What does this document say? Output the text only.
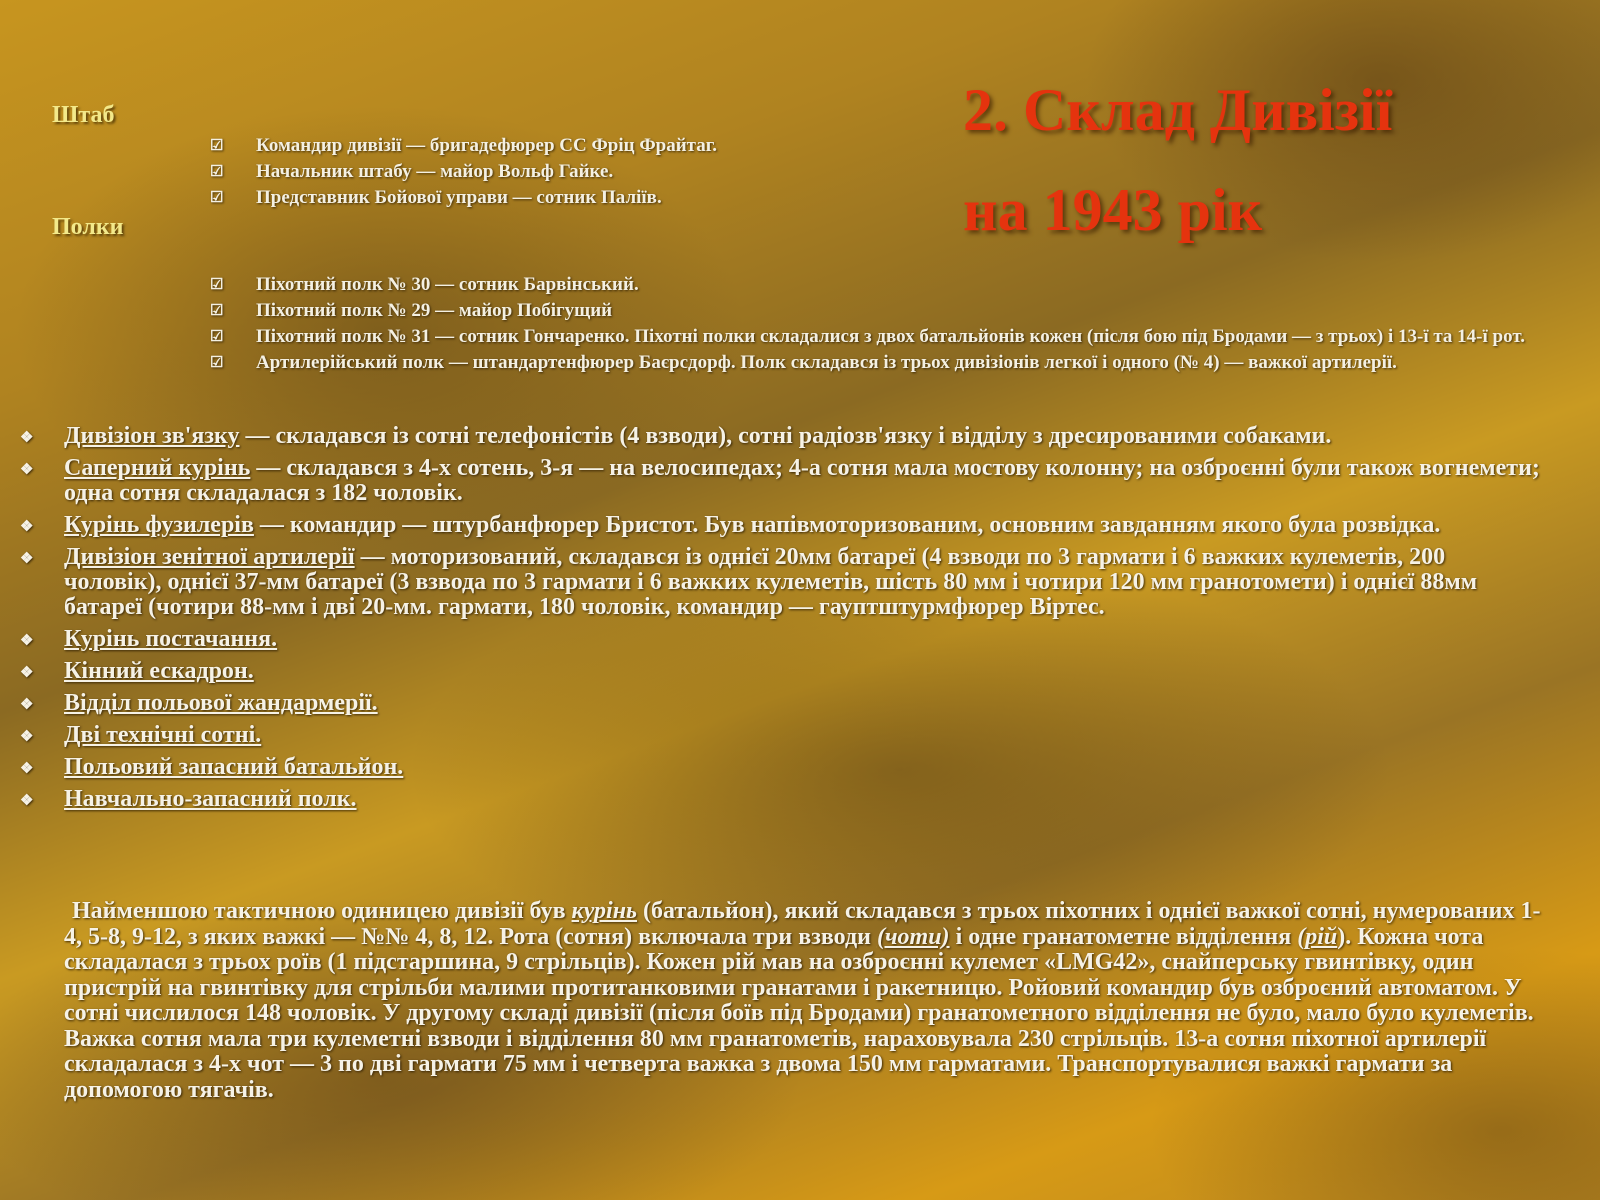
2. Склад Дивізії
на 1943 рік

Штаб

☑ Командир дивізії — бригадефюрер СС Фріц Фрайтаг.
☑ Начальник штабу — майор Вольф Гайке.
☑ Представник Бойової управи — сотник Паліїв.

Полки

☑ Піхотний полк № 30 — сотник Барвінський.
☑ Піхотний полк № 29 — майор Побігущий
☑ Піхотний полк № 31 — сотник Гончаренко. Піхотні полки складалися з двох батальйонів кожен (після бою під Бродами — з трьох) і 13-ї та 14-ї рот.
☑ Артилерійський полк — штандартенфюрер Баєрсдорф. Полк складався із трьох дивізіонів легкої і одного (№ 4) — важкої артилерії.
❖ Дивізіон зв'язку — складався із сотні телефоністів (4 взводи), сотні радіозв'язку і відділу з дресированими собаками.
❖ Саперний курінь — складався з 4-х сотень, 3-я — на велосипедах; 4-а сотня мала мостову колонну; на озброєнні були також вогнемети; одна сотня складалася з 182 чоловік.
❖ Курінь фузилерів — командир — штурбанфюрер Бристот. Був напівмоторизованим, основним завданням якого була розвідка.
❖ Дивізіон зенітної артилерії — моторизований, складався із однієї 20мм батареї (4 взводи по 3 гармати і 6 важких кулеметів, 200 чоловік), однієї 37-мм батареї (3 взвода по 3 гармати і 6 важких кулеметів, шість 80 мм і чотири 120 мм гранотомети) і однієї 88мм батареї (чотири 88-мм і дві 20-мм. гармати, 180 чоловік, командир — гауптштурмфюрер Віртес.
❖ Курінь постачання.
❖ Кінний ескадрон.
❖ Відділ польової жандармерії.
❖ Дві технічні сотні.
❖ Польовий запасний батальйон.
❖ Навчально-запасний полк.

Найменшою тактичною одиницею дивізії був курінь (батальйон), який складався з трьох піхотних і однієї важкої сотні, нумерованих 1-4, 5-8, 9-12, з яких важкі — №№ 4, 8, 12. Рота (сотня) включала три взводи (чоти) і одне гранатометне відділення (рій). Кожна чота складалася з трьох роїв (1 підстаршина, 9 стрільців). Кожен рій мав на озброєнні кулемет «LMG42», снайперську гвинтівку, один пристрій на гвинтівку для стрільби малими протитанковими гранатами і ракетницю. Ройовий командир був озброєний автоматом. У сотні числилося 148 чоловік. У другому складі дивізії (після боїв під Бродами) гранатометного відділення не було, мало було кулеметів. Важка сотня мала три кулеметні взводи і відділення 80 мм гранатометів, нараховувала 230 стрільців. 13-а сотня піхотної артилерії складалася з 4-х чот — 3 по дві гармати 75 мм і четверта важка з двома 150 мм гарматами. Транспортувалися важкі гармати за допомогою тягачів.
